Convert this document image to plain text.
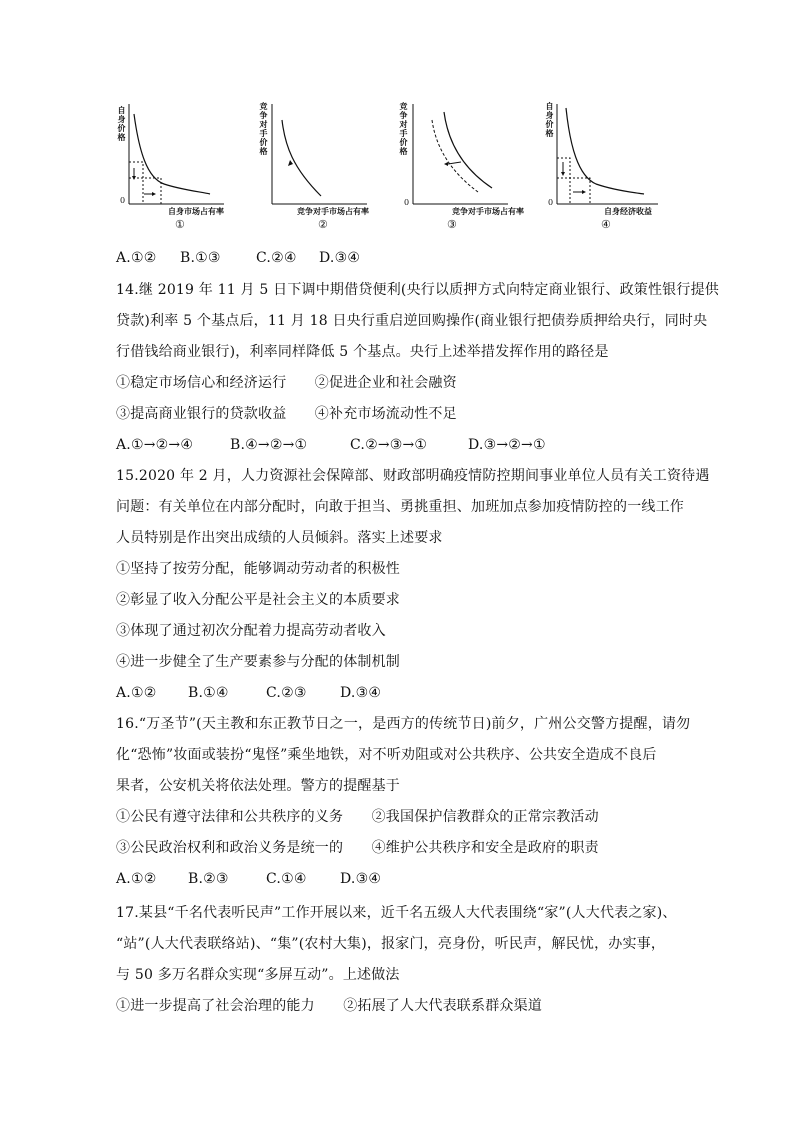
自身价格
0
自身市场占有率
①
竞争对手价格
竞争对手市场占有率
②
竞争对手价格
0
竞争对手市场占有率
③
自身价格
0
自身经济收益
④
A.①② B.①③	C.②④ D.③④
14.继 2019 年 11 月 5 日下调中期借贷便利(央行以质押方式向特定商业银行、政策性银行提供
贷款)利率 5 个基点后，11 月 18 日央行重启逆回购操作(商业银行把债券质押给央行，同时央
行借钱给商业银行)，利率同样降低 5 个基点。央行上述举措发挥作用的路径是
①稳定市场信心和经济运行　　②促进企业和社会融资
③提高商业银行的贷款收益　　④补充市场流动性不足
A.①→②→④	B.④→②→①	C.②→③→①	D.③→②→①
15.2020 年 2 月，人力资源社会保障部、财政部明确疫情防控期间事业单位人员有关工资待遇
问题：有关单位在内部分配时，向敢于担当、勇挑重担、加班加点参加疫情防控的一线工作
人员特别是作出突出成绩的人员倾斜。落实上述要求
①坚持了按劳分配，能够调动劳动者的积极性
②彰显了收入分配公平是社会主义的本质要求
③体现了通过初次分配着力提高劳动者收入
④进一步健全了生产要素参与分配的体制机制
A.①② B.①④	C.②③ D.③④
16.“万圣节”(天主教和东正教节日之一，是西方的传统节日)前夕，广州公交警方提醒，请勿
化“恐怖”妆面或装扮“鬼怪”乘坐地铁，对不听劝阻或对公共秩序、公共安全造成不良后
果者，公安机关将依法处理。警方的提醒基于
①公民有遵守法律和公共秩序的义务　　②我国保护信教群众的正常宗教活动
③公民政治权利和政治义务是统一的　　④维护公共秩序和安全是政府的职责
A.①② B.②③	C.①④ D.③④
17.某县“千名代表听民声”工作开展以来，近千名五级人大代表围绕“家”(人大代表之家)、
“站”(人大代表联络站)、“集”(农村大集)，报家门，亮身份，听民声，解民忧，办实事，
与 50 多万名群众实现“多屏互动”。上述做法
①进一步提高了社会治理的能力　　②拓展了人大代表联系群众渠道
